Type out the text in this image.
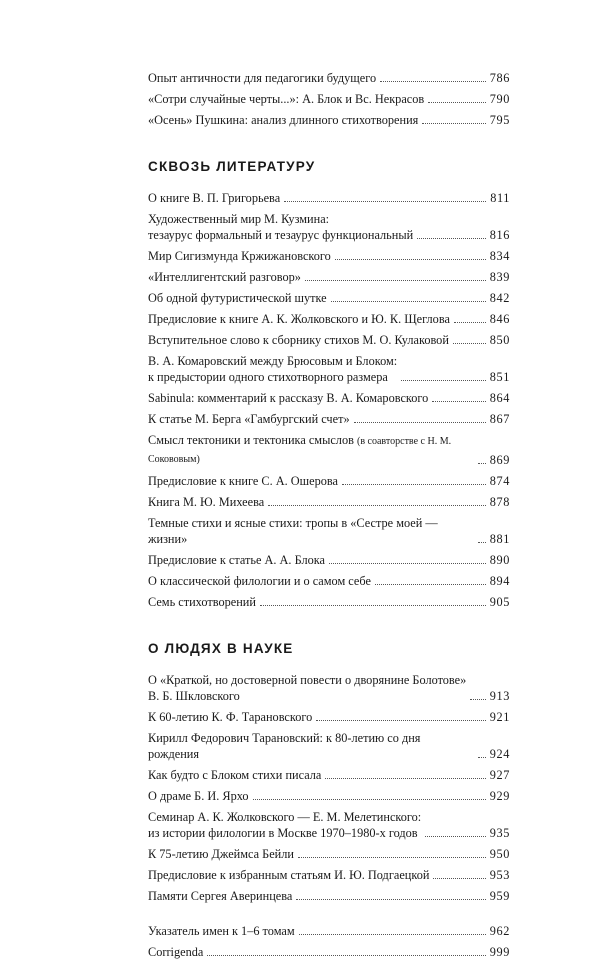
Опыт античности для педагогики будущего	786
«Сотри случайные черты...»: А. Блок и Вс. Некрасов	790
«Осень» Пушкина: анализ длинного стихотворения	795
СКВОЗЬ ЛИТЕРАТУРУ
О книге В. П. Григорьева	811
Художественный мир М. Кузмина:
тезаурус формальный и тезаурус функциональный	816
Мир Сигизмунда Кржижановского	834
«Интеллигентский разговор»	839
Об одной футуристической шутке	842
Предисловие к книге А. К. Жолковского и Ю. К. Щеглова	846
Вступительное слово к сборнику стихов М. О. Кулаковой	850
В. А. Комаровский между Брюсовым и Блоком:
к предыстории одного стихотворного размера	851
Sabinula: комментарий к рассказу В. А. Комаровского	864
К статье М. Берга «Гамбургский счет»	867
Смысл тектоники и тектоника смыслов (в соавторстве с Н. М. Сокововым)	869
Предисловие к книге С. А. Ошерова	874
Книга М. Ю. Михеева	878
Темные стихи и ясные стихи: тропы в «Сестре моей — жизни»	881
Предисловие к статье А. А. Блока	890
О классической филологии и о самом себе	894
Семь стихотворений	905
О ЛЮДЯХ В НАУКЕ
О «Краткой, но достоверной повести о дворянине Болотове»
В. Б. Шкловского	913
К 60-летию К. Ф. Тарановского	921
Кирилл Федорович Тарановский: к 80-летию со дня рождения	924
Как будто с Блоком стихи писала	927
О драме Б. И. Ярхо	929
Семинар А. К. Жолковского — Е. М. Мелетинского:
из истории филологии в Москве 1970–1980-х годов	935
К 75-летию Джеймса Бейли	950
Предисловие к избранным статьям И. Ю. Подгаецкой	953
Памяти Сергея Аверинцева	959
Указатель имен к 1–6 томам	962
Corrigenda	999
